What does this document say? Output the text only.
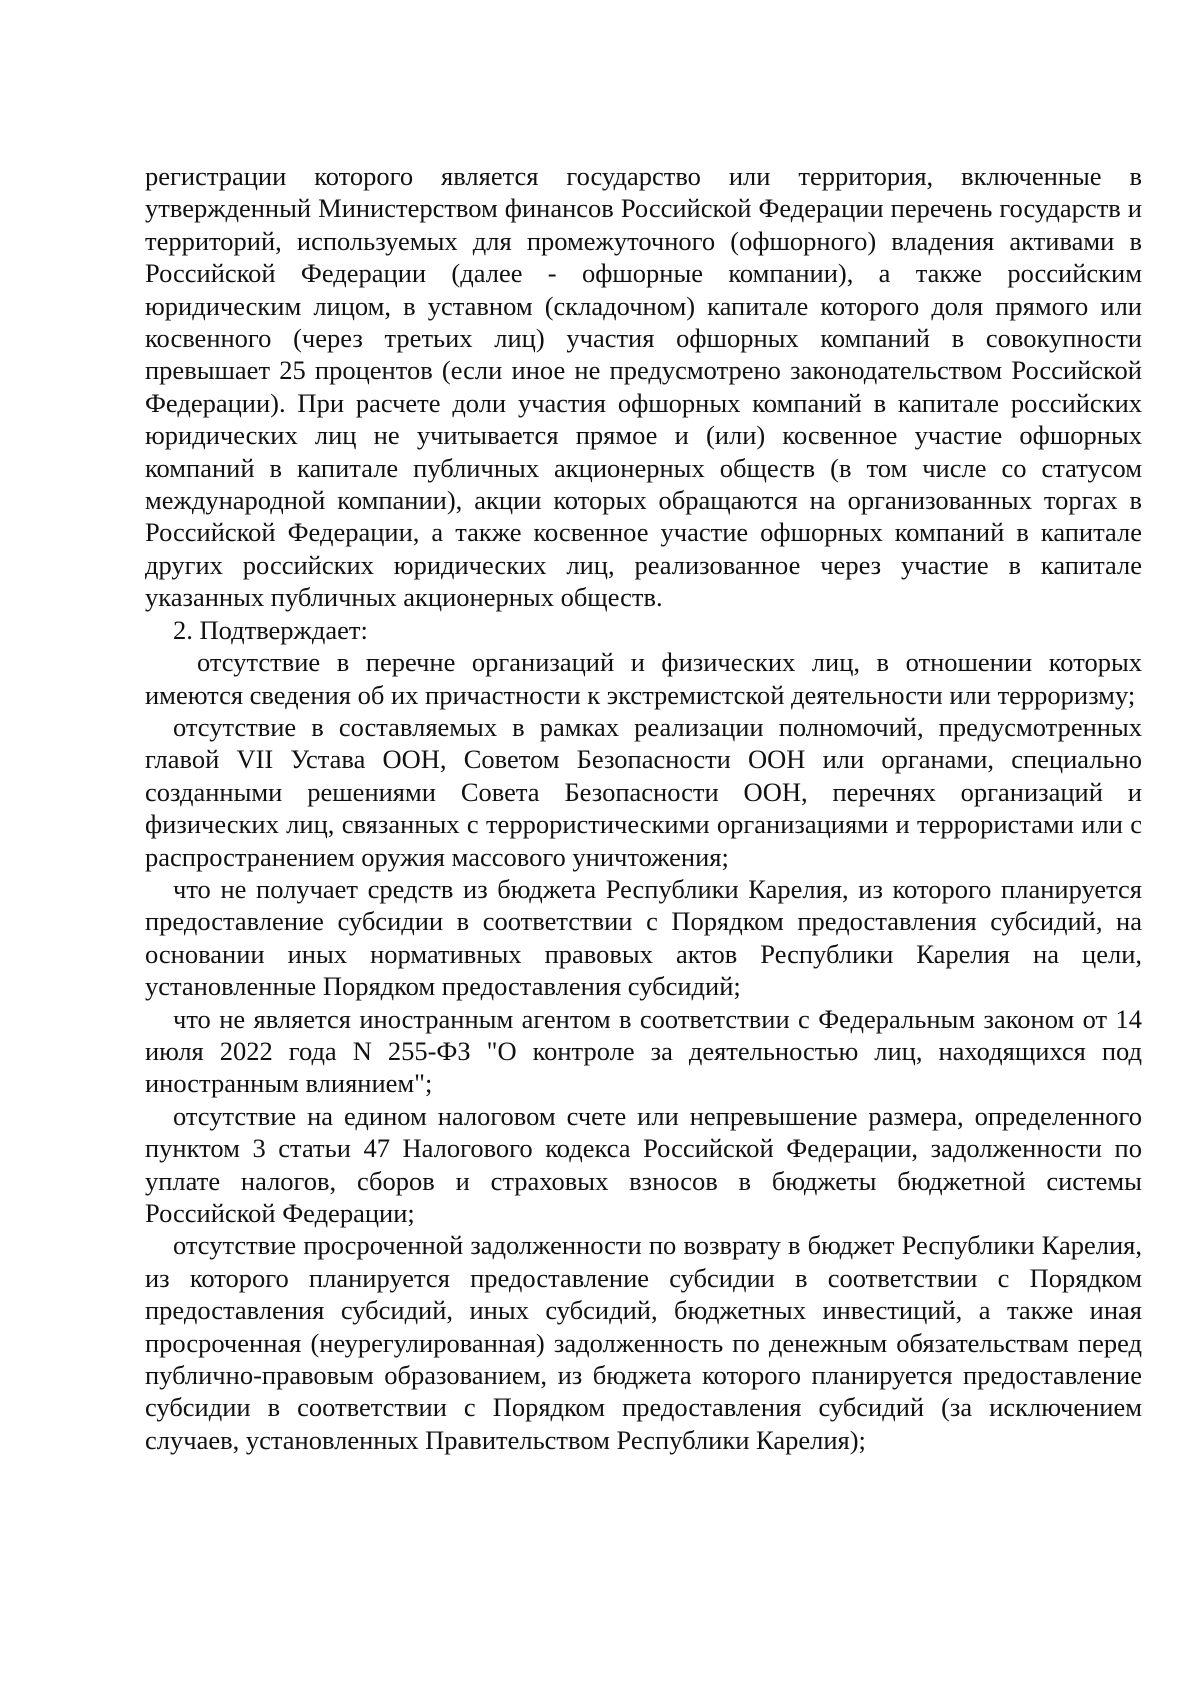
регистрации которого является государство или территория, включенные в утвержденный Министерством финансов Российской Федерации перечень государств и территорий, используемых для промежуточного (офшорного) владения активами в Российской Федерации (далее - офшорные компании), а также российским юридическим лицом, в уставном (складочном) капитале которого доля прямого или косвенного (через третьих лиц) участия офшорных компаний в совокупности превышает 25 процентов (если иное не предусмотрено законодательством Российской Федерации). При расчете доли участия офшорных компаний в капитале российских юридических лиц не учитывается прямое и (или) косвенное участие офшорных компаний в капитале публичных акционерных обществ (в том числе со статусом международной компании), акции которых обращаются на организованных торгах в Российской Федерации, а также косвенное участие офшорных компаний в капитале других российских юридических лиц, реализованное через участие в капитале указанных публичных акционерных обществ.

2. Подтверждает:

отсутствие в перечне организаций и физических лиц, в отношении которых имеются сведения об их причастности к экстремистской деятельности или терроризму;

отсутствие в составляемых в рамках реализации полномочий, предусмотренных главой VII Устава ООН, Советом Безопасности ООН или органами, специально созданными решениями Совета Безопасности ООН, перечнях организаций и физических лиц, связанных с террористическими организациями и террористами или с распространением оружия массового уничтожения;

что не получает средств из бюджета Республики Карелия, из которого планируется предоставление субсидии в соответствии с Порядком предоставления субсидий, на основании иных нормативных правовых актов Республики Карелия на цели, установленные Порядком предоставления субсидий;

что не является иностранным агентом в соответствии с Федеральным законом от 14 июля 2022 года N 255-ФЗ "О контроле за деятельностью лиц, находящихся под иностранным влиянием";

отсутствие на едином налоговом счете или непревышение размера, определенного пунктом 3 статьи 47 Налогового кодекса Российской Федерации, задолженности по уплате налогов, сборов и страховых взносов в бюджеты бюджетной системы Российской Федерации;

отсутствие просроченной задолженности по возврату в бюджет Республики Карелия, из которого планируется предоставление субсидии в соответствии с Порядком предоставления субсидий, иных субсидий, бюджетных инвестиций, а также иная просроченная (неурегулированная) задолженность по денежным обязательствам перед публично-правовым образованием, из бюджета которого планируется предоставление субсидии в соответствии с Порядком предоставления субсидий (за исключением случаев, установленных Правительством Республики Карелия);
